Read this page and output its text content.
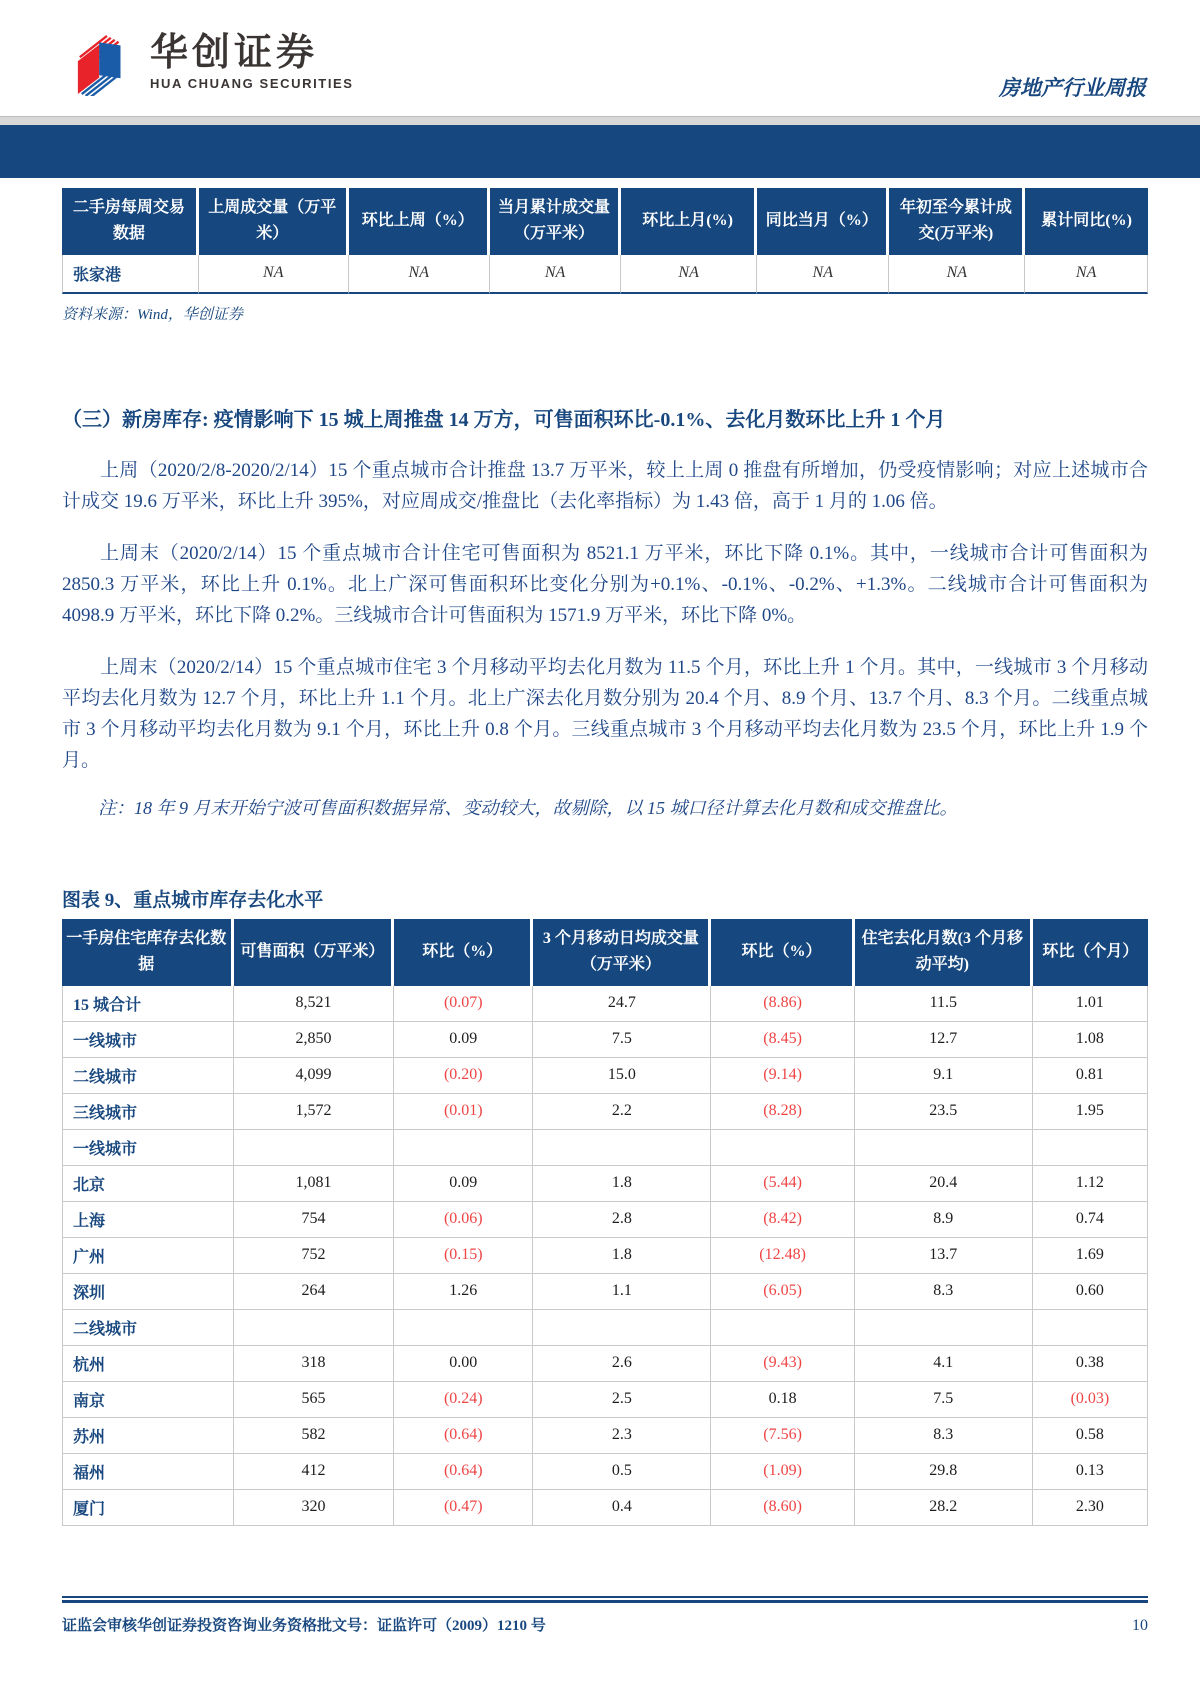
华创证券
HUA CHUANG SECURITIES	房地产行业周报
二手房每周交易数据	上周成交量（万平米）	环比上周（%）	当月累计成交量（万平米）	环比上月(%)	同比当月（%）	年初至今累计成交(万平米)	累计同比(%)
张家港	NA	NA	NA	NA	NA	NA	NA
资料来源：Wind，华创证券
（三）新房库存: 疫情影响下 15 城上周推盘 14 万方，可售面积环比-0.1%、去化月数环比上升 1 个月
上周（2020/2/8-2020/2/14）15 个重点城市合计推盘 13.7 万平米，较上上周 0 推盘有所增加，仍受疫情影响；对应上述城市合计成交 19.6 万平米，环比上升 395%，对应周成交/推盘比（去化率指标）为 1.43 倍，高于 1 月的 1.06 倍。
上周末（2020/2/14）15 个重点城市合计住宅可售面积为 8521.1 万平米，环比下降 0.1%。其中，一线城市合计可售面积为 2850.3 万平米，环比上升 0.1%。北上广深可售面积环比变化分别为+0.1%、-0.1%、-0.2%、+1.3%。二线城市合计可售面积为 4098.9 万平米，环比下降 0.2%。三线城市合计可售面积为 1571.9 万平米，环比下降 0%。
上周末（2020/2/14）15 个重点城市住宅 3 个月移动平均去化月数为 11.5 个月，环比上升 1 个月。其中，一线城市 3 个月移动平均去化月数为 12.7 个月，环比上升 1.1 个月。北上广深去化月数分别为 20.4 个月、8.9 个月、13.7 个月、8.3 个月。二线重点城市 3 个月移动平均去化月数为 9.1 个月，环比上升 0.8 个月。三线重点城市 3 个月移动平均去化月数为 23.5 个月，环比上升 1.9 个月。
注：18 年 9 月末开始宁波可售面积数据异常、变动较大，故剔除，以 15 城口径计算去化月数和成交推盘比。
图表 9、重点城市库存去化水平
一手房住宅库存去化数据	可售面积（万平米）	环比（%）	3 个月移动日均成交量（万平米）	环比（%）	住宅去化月数(3 个月移动平均)	环比（个月）
15 城合计	8,521	(0.07)	24.7	(8.86)	11.5	1.01
一线城市	2,850	0.09	7.5	(8.45)	12.7	1.08
二线城市	4,099	(0.20)	15.0	(9.14)	9.1	0.81
三线城市	1,572	(0.01)	2.2	(8.28)	23.5	1.95
一线城市						
北京	1,081	0.09	1.8	(5.44)	20.4	1.12
上海	754	(0.06)	2.8	(8.42)	8.9	0.74
广州	752	(0.15)	1.8	(12.48)	13.7	1.69
深圳	264	1.26	1.1	(6.05)	8.3	0.60
二线城市						
杭州	318	0.00	2.6	(9.43)	4.1	0.38
南京	565	(0.24)	2.5	0.18	7.5	(0.03)
苏州	582	(0.64)	2.3	(7.56)	8.3	0.58
福州	412	(0.64)	0.5	(1.09)	29.8	0.13
厦门	320	(0.47)	0.4	(8.60)	28.2	2.30
证监会审核华创证券投资咨询业务资格批文号：证监许可（2009）1210 号	10
